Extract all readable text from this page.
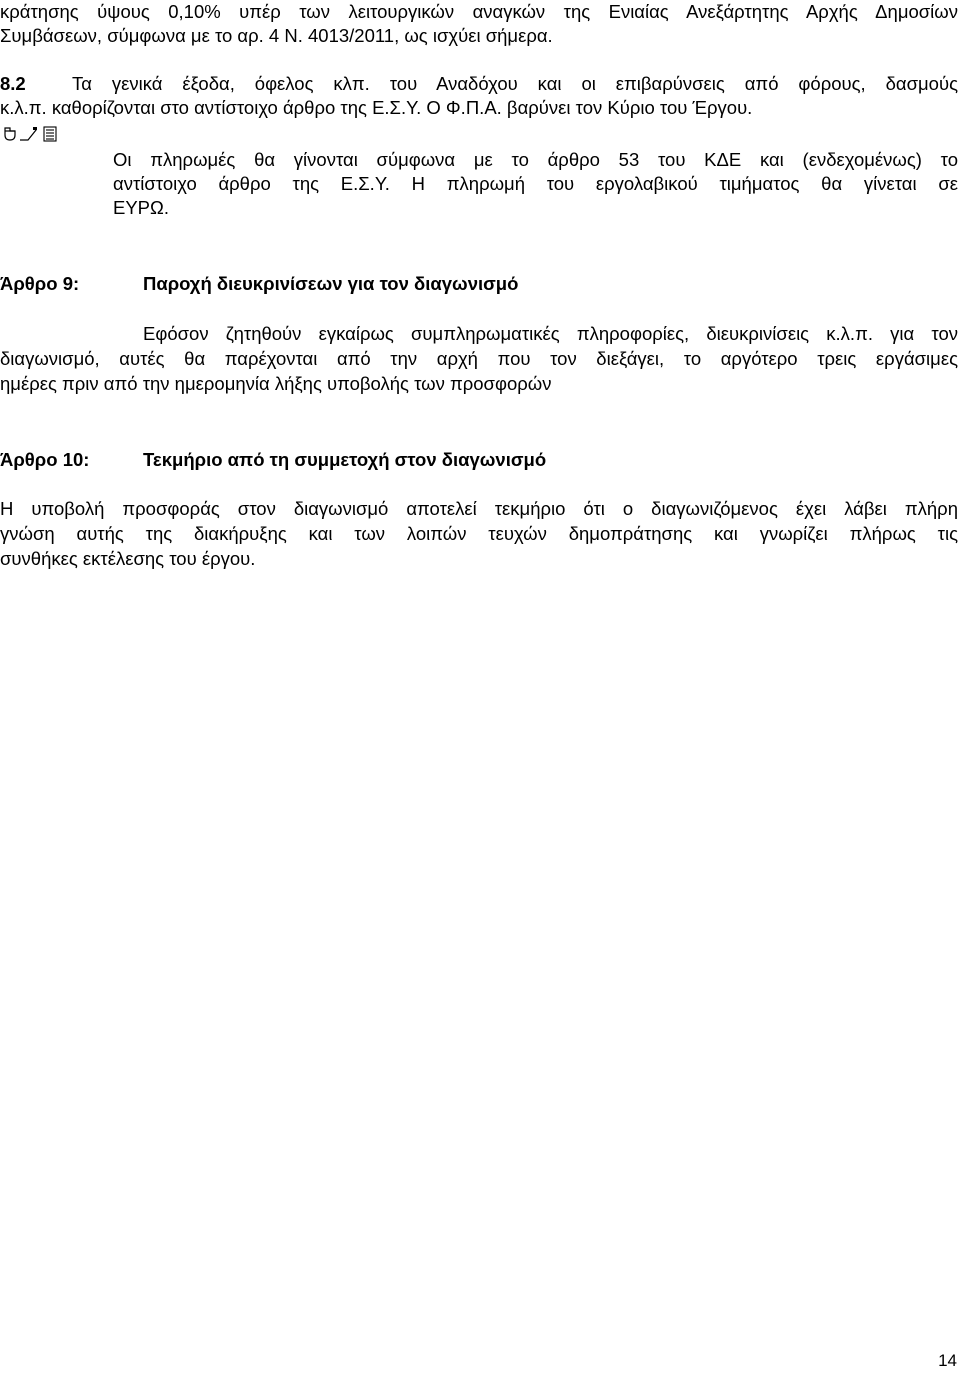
κράτησης ύψους 0,10% υπέρ των λειτουργικών αναγκών της Ενιαίας Ανεξάρτητης Αρχής Δημοσίων
Συμβάσεων, σύμφωνα με το αρ. 4 Ν. 4013/2011, ως ισχύει σήμερα.
8.2	Τα γενικά έξοδα, όφελος κλπ. του Αναδόχου και οι επιβαρύνσεις από φόρους, δασμούς
κ.λ.π. καθορίζονται στο αντίστοιχο άρθρο της Ε.Σ.Υ. Ο Φ.Π.Α. βαρύνει τον Κύριο του Έργου.
Οι πληρωμές θα γίνονται σύμφωνα με το άρθρο 53 του ΚΔΕ και (ενδεχομένως) το
αντίστοιχο άρθρο της Ε.Σ.Υ. Η πληρωμή του εργολαβικού τιμήματος θα γίνεται σε
ΕΥΡΩ.
Άρθρο 9:	Παροχή διευκρινίσεων για τον διαγωνισμό
Εφόσον ζητηθούν εγκαίρως συμπληρωματικές πληροφορίες, διευκρινίσεις κ.λ.π. για τον
διαγωνισμό, αυτές θα παρέχονται από την αρχή που τον διεξάγει, το αργότερο τρεις εργάσιμες
ημέρες πριν από την ημερομηνία λήξης υποβολής των προσφορών
Άρθρο 10:	Τεκμήριο από τη συμμετοχή στον διαγωνισμό
Η υποβολή προσφοράς στον διαγωνισμό αποτελεί τεκμήριο ότι ο διαγωνιζόμενος έχει λάβει πλήρη
γνώση αυτής της διακήρυξης και των λοιπών τευχών δημοπράτησης και γνωρίζει πλήρως τις
συνθήκες εκτέλεσης του έργου.
14
